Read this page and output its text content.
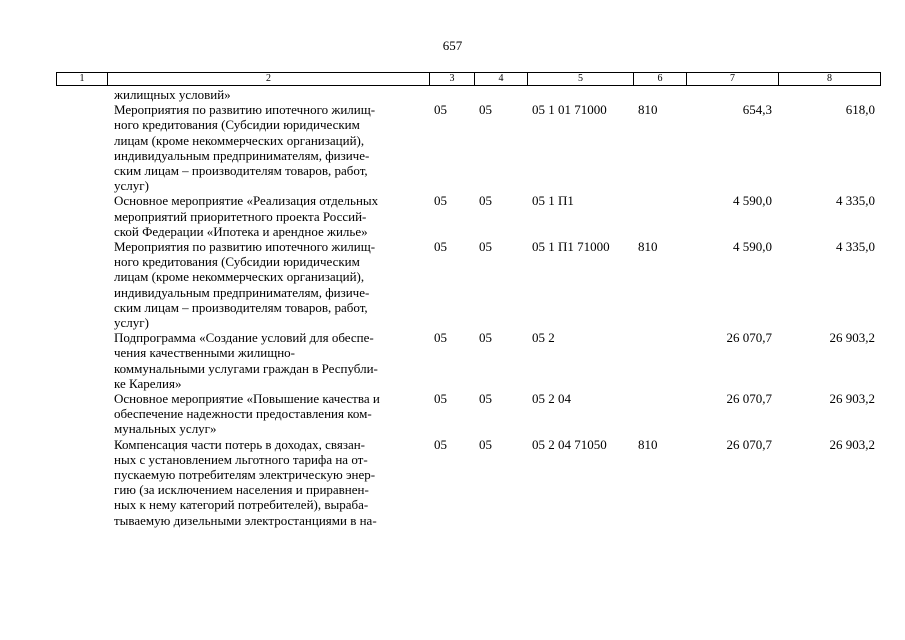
657
1	2	3	4	5	6	7	8
жилищных условий»
Мероприятия по развитию ипотечного жилищ-
ного кредитования (Субсидии юридическим
лицам (кроме некоммерческих организаций),
индивидуальным предпринимателям, физиче-
ским лицам – производителям товаров, работ,
услуг)
05 05	05 1 01 71000 810	654,3	618,0
Основное мероприятие «Реализация отдельных
мероприятий приоритетного проекта Россий-
ской Федерации «Ипотека и арендное жилье»
05 05	05 1 П1	4 590,0	4 335,0
Мероприятия по развитию ипотечного жилищ-
ного кредитования (Субсидии юридическим
лицам (кроме некоммерческих организаций),
индивидуальным предпринимателям, физиче-
ским лицам – производителям товаров, работ,
услуг)
05 05	05 1 П1 71000 810	4 590,0	4 335,0
Подпрограмма «Создание условий для обеспе-
чения качественными жилищно-
коммунальными услугами граждан в Республи-
ке Карелия»
05 05	05 2	26 070,7	26 903,2
Основное мероприятие «Повышение качества и
обеспечение надежности предоставления ком-
мунальных услуг»
05 05	05 2 04	26 070,7	26 903,2
Компенсация части потерь в доходах, связан-
ных с установлением льготного тарифа на от-
пускаемую потребителям электрическую энер-
гию (за исключением населения и приравнен-
ных к нему категорий потребителей), выраба-
тываемую дизельными электростанциями в на-
05 05	05 2 04 71050 810	26 070,7	26 903,2
